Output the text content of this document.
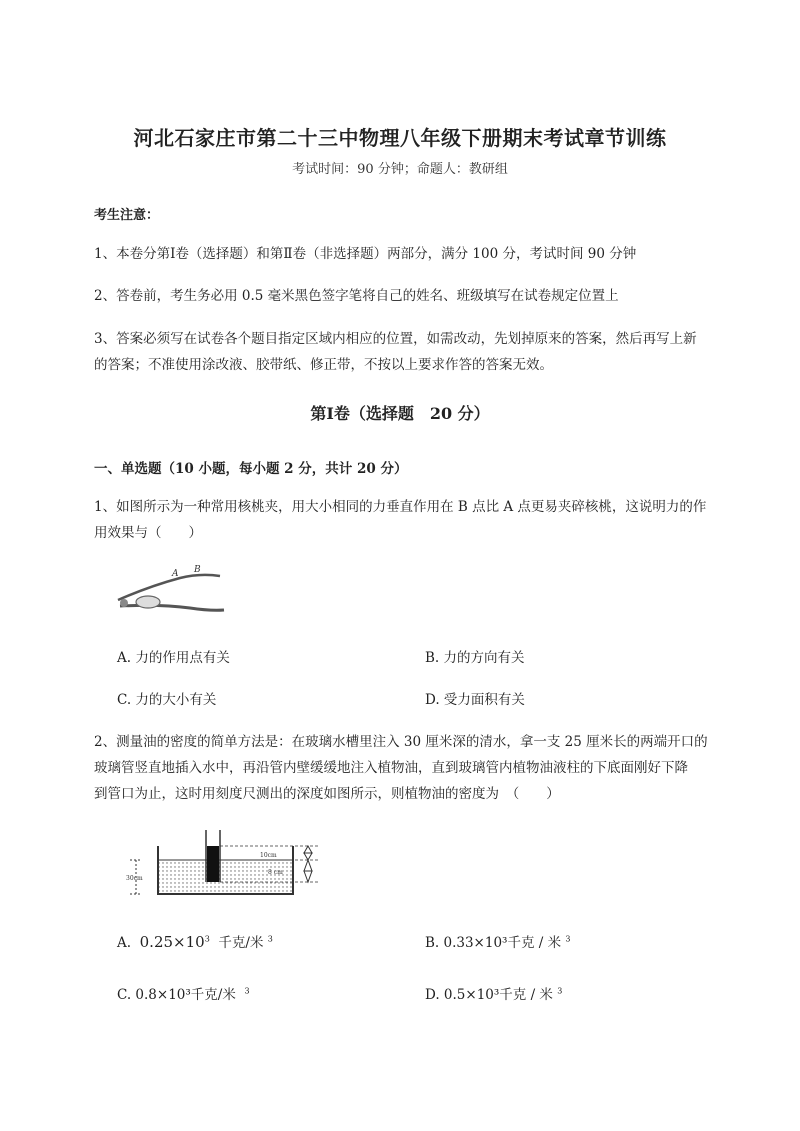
河北石家庄市第二十三中物理八年级下册期末考试章节训练
考试时间：90 分钟；命题人：教研组
考生注意：
1、本卷分第Ⅰ卷（选择题）和第Ⅱ卷（非选择题）两部分，满分 100 分，考试时间 90 分钟
2、答卷前，考生务必用 0.5 毫米黑色签字笔将自己的姓名、班级填写在试卷规定位置上
3、答案必须写在试卷各个题目指定区域内相应的位置，如需改动，先划掉原来的答案，然后再写上新
的答案；不准使用涂改液、胶带纸、修正带，不按以上要求作答的答案无效。
第Ⅰ卷（选择题　20 分）
一、单选题（10 小题，每小题 2 分，共计 20 分）
1、如图所示为一种常用核桃夹，用大小相同的力垂直作用在 B 点比 A 点更易夹碎核桃，这说明力的作
用效果与（　　）
A B
A. 力的作用点有关	B. 力的方向有关
C. 力的大小有关	D. 受力面积有关
2、测量油的密度的简单方法是：在玻璃水槽里注入 30 厘米深的清水，拿一支 25 厘米长的两端开口的
玻璃管竖直地插入水中，再沿管内壁缓缓地注入植物油，直到玻璃管内植物油液柱的下底面刚好下降
到管口为止，这时用刻度尺测出的深度如图所示，则植物油的密度为　（　　）
30cm
10cm
8 cm
A. $0.25\times 10^3$ 千克/米 $^3$	B. 0.33×10³千克 / 米 $^3$
C. 0.8×10³千克/米 $^3$	D. 0.5×10³千克 / 米 $^3$
